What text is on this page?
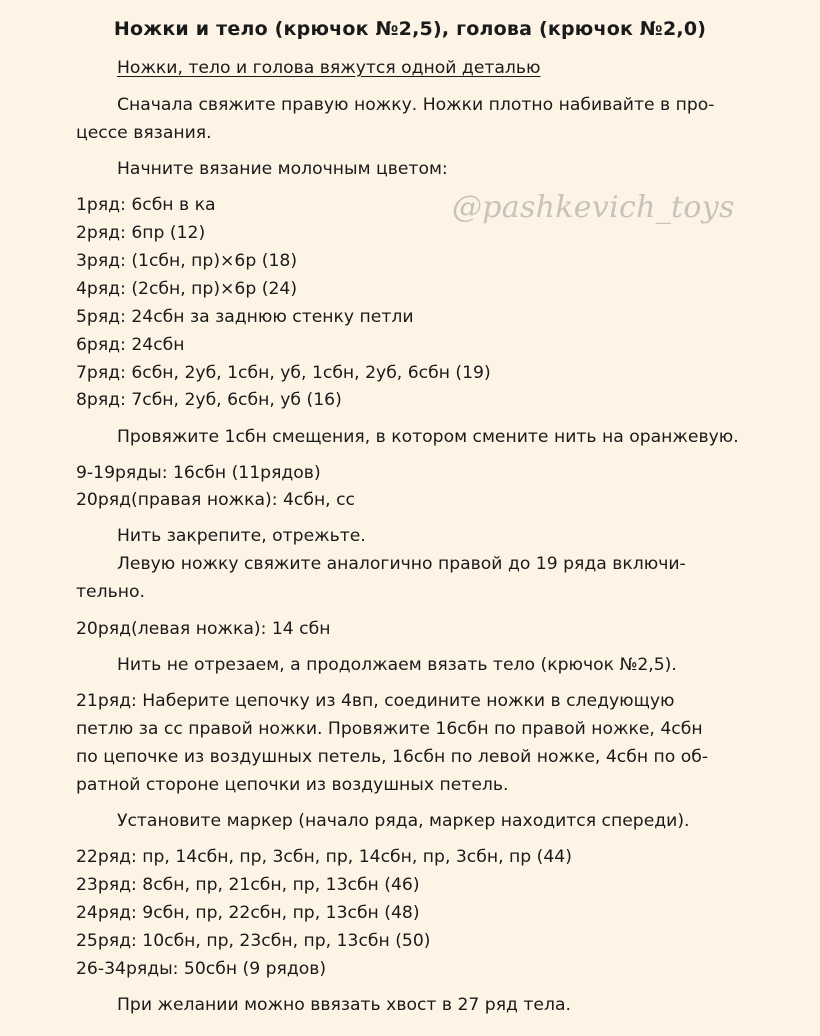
Ножки и тело (крючок №2,5), голова (крючок №2,0)
Ножки, тело и голова вяжутся одной деталью
Сначала свяжите правую ножку. Ножки плотно набивайте в про-
цессе вязания.
Начните вязание молочным цветом:
1ряд: 6сбн в ка
2ряд: 6пр (12)
3ряд: (1сбн, пр)×6р (18)
4ряд: (2сбн, пр)×6р (24)
5ряд: 24сбн за заднюю стенку петли
6ряд: 24сбн
7ряд: 6сбн, 2уб, 1сбн, уб, 1сбн, 2уб, 6сбн (19)
8ряд: 7сбн, 2уб, 6сбн, уб (16)
Провяжите 1сбн смещения, в котором смените нить на оранжевую.
9-19ряды: 16сбн (11рядов)
20ряд(правая ножка): 4сбн, сс
Нить закрепите, отрежьте.
Левую ножку свяжите аналогично правой до 19 ряда включи-
тельно.
20ряд(левая ножка): 14 сбн
Нить не отрезаем, а продолжаем вязать тело (крючок №2,5).
21ряд: Наберите цепочку из 4вп, соедините ножки в следующую
петлю за сс правой ножки. Провяжите 16сбн по правой ножке, 4сбн
по цепочке из воздушных петель, 16сбн по левой ножке, 4сбн по об-
ратной стороне цепочки из воздушных петель.
Установите маркер (начало ряда, маркер находится спереди).
22ряд: пр, 14сбн, пр, 3сбн, пр, 14сбн, пр, 3сбн, пр (44)
23ряд: 8сбн, пр, 21сбн, пр, 13сбн (46)
24ряд: 9сбн, пр, 22сбн, пр, 13сбн (48)
25ряд: 10сбн, пр, 23сбн, пр, 13сбн (50)
26-34ряды: 50сбн (9 рядов)
При желании можно ввязать хвост в 27 ряд тела.
@pashkevich_toys
